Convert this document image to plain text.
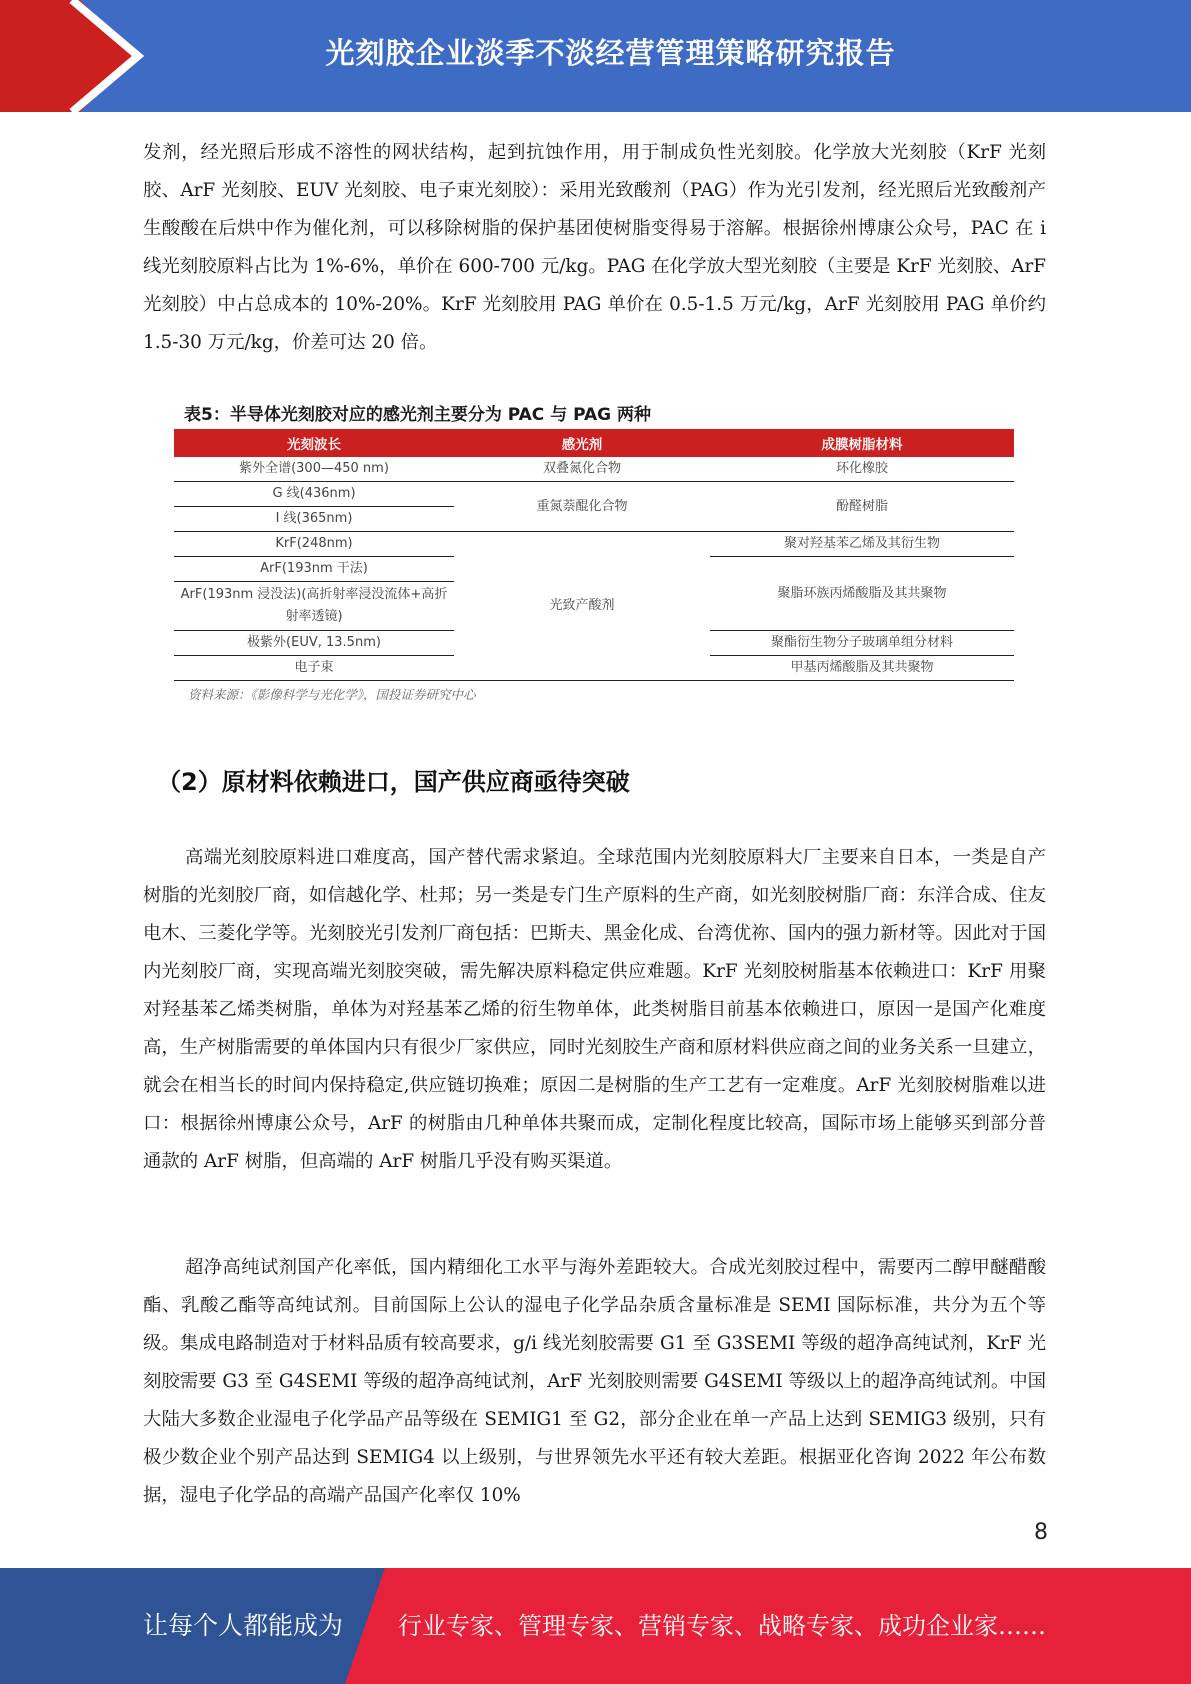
光刻胶企业淡季不淡经营管理策略研究报告

发剂，经光照后形成不溶性的网状结构，起到抗蚀作用，用于制成负性光刻胶。化学放大光刻胶（KrF 光刻胶、ArF 光刻胶、EUV 光刻胶、电子束光刻胶）：采用光致酸剂（PAG）作为光引发剂，经光照后光致酸剂产生酸酸在后烘中作为催化剂，可以移除树脂的保护基团使树脂变得易于溶解。根据徐州博康公众号，PAC 在 i 线光刻胶原料占比为 1%-6%，单价在 600-700 元/kg。PAG 在化学放大型光刻胶（主要是 KrF 光刻胶、ArF 光刻胶）中占总成本的 10%-20%。KrF 光刻胶用 PAG 单价在 0.5-1.5 万元/kg，ArF 光刻胶用 PAG 单价约 1.5-30 万元/kg，价差可达 20 倍。

表5：半导体光刻胶对应的感光剂主要分为 PAC 与 PAG 两种
光刻波长	感光剂	成膜树脂材料
紫外全谱(300—450 nm)	双叠氮化合物	环化橡胶
G 线(436nm)	重氮萘醌化合物	酚醛树脂
I 线(365nm)		
KrF(248nm)	光致产酸剂	聚对羟基苯乙烯及其衍生物
ArF(193nm 干法)		聚脂环族丙烯酸脂及其共聚物
ArF(193nm 浸没法)(高折射率浸没流体+高折射率透镜)		
极紫外(EUV, 13.5nm)		聚酯衍生物分子玻璃单组分材料
电子束		甲基丙烯酸脂及其共聚物
资料来源：《影像科学与光化学》，国投证券研究中心
（2）原材料依赖进口，国产供应商亟待突破

高端光刻胶原料进口难度高，国产替代需求紧迫。全球范围内光刻胶原料大厂主要来自日本，一类是自产树脂的光刻胶厂商，如信越化学、杜邦；另一类是专门生产原料的生产商，如光刻胶树脂厂商：东洋合成、住友电木、三菱化学等。光刻胶光引发剂厂商包括：巴斯夫、黑金化成、台湾优祢、国内的强力新材等。因此对于国内光刻胶厂商，实现高端光刻胶突破，需先解决原料稳定供应难题。KrF 光刻胶树脂基本依赖进口：KrF 用聚对羟基苯乙烯类树脂，单体为对羟基苯乙烯的衍生物单体，此类树脂目前基本依赖进口，原因一是国产化难度高，生产树脂需要的单体国内只有很少厂家供应，同时光刻胶生产商和原材料供应商之间的业务关系一旦建立，就会在相当长的时间内保持稳定,供应链切换难；原因二是树脂的生产工艺有一定难度。ArF 光刻胶树脂难以进口：根据徐州博康公众号，ArF 的树脂由几种单体共聚而成，定制化程度比较高，国际市场上能够买到部分普通款的 ArF 树脂，但高端的 ArF 树脂几乎没有购买渠道。

超净高纯试剂国产化率低，国内精细化工水平与海外差距较大。合成光刻胶过程中，需要丙二醇甲醚醋酸酯、乳酸乙酯等高纯试剂。目前国际上公认的湿电子化学品杂质含量标准是 SEMI 国际标准，共分为五个等级。集成电路制造对于材料品质有较高要求，g/i 线光刻胶需要 G1 至 G3SEMI 等级的超净高纯试剂，KrF 光刻胶需要 G3 至 G4SEMI 等级的超净高纯试剂，ArF 光刻胶则需要 G4SEMI 等级以上的超净高纯试剂。中国大陆大多数企业湿电子化学品产品等级在 SEMIG1 至 G2，部分企业在单一产品上达到 SEMIG3 级别，只有极少数企业个别产品达到 SEMIG4 以上级别，与世界领先水平还有较大差距。根据亚化咨询 2022 年公布数据，湿电子化学品的高端产品国产化率仅 10%

8
让每个人都能成为 行业专家、管理专家、营销专家、战略专家、成功企业家……
